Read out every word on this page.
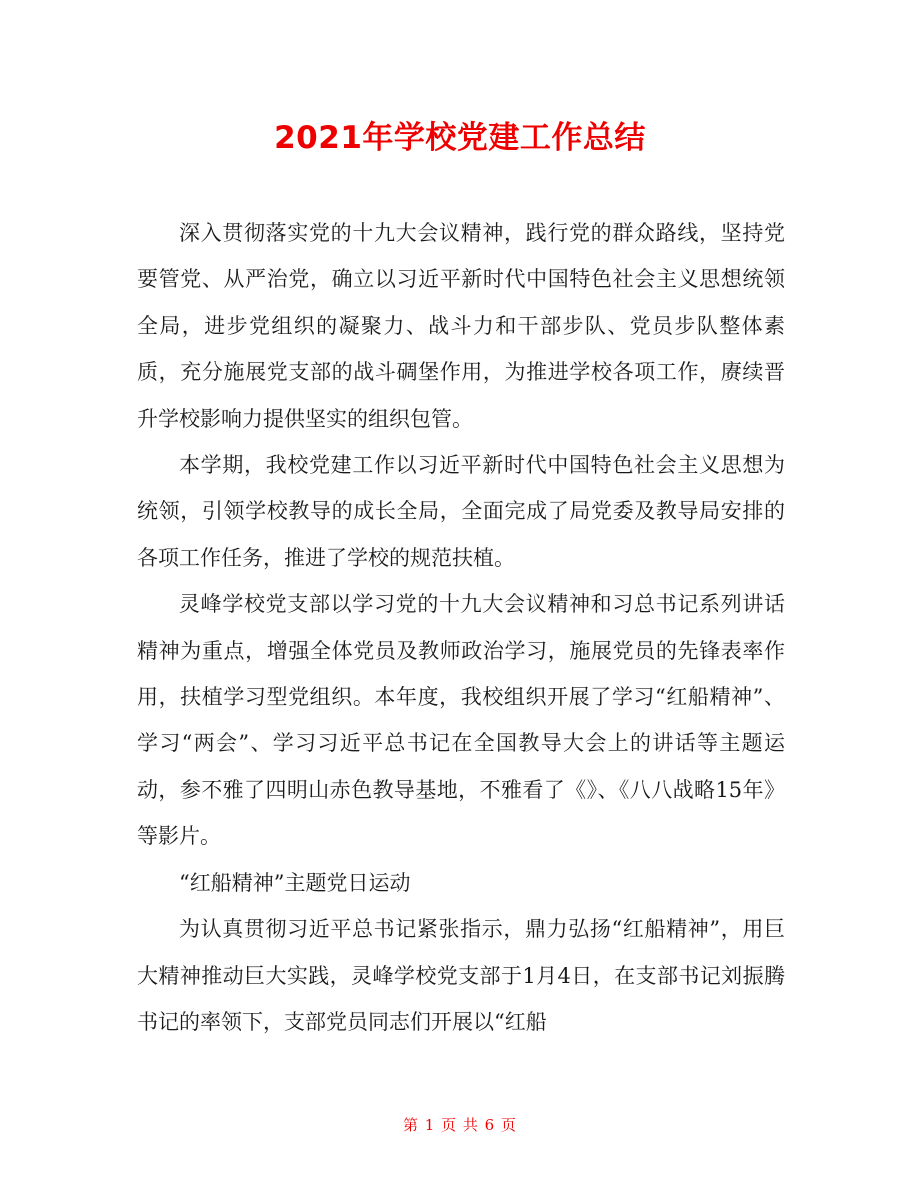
2021年学校党建工作总结

深入贯彻落实党的十九大会议精神，践行党的群众路线，坚持党要管党、从严治党，确立以习近平新时代中国特色社会主义思想统领全局，进步党组织的凝聚力、战斗力和干部步队、党员步队整体素质，充分施展党支部的战斗碉堡作用，为推进学校各项工作，赓续晋升学校影响力提供坚实的组织包管。

本学期，我校党建工作以习近平新时代中国特色社会主义思想为统领，引领学校教导的成长全局，全面完成了局党委及教导局安排的各项工作任务，推进了学校的规范扶植。

灵峰学校党支部以学习党的十九大会议精神和习总书记系列讲话精神为重点，增强全体党员及教师政治学习，施展党员的先锋表率作用，扶植学习型党组织。本年度，我校组织开展了学习“红船精神”、学习“两会”、学习习近平总书记在全国教导大会上的讲话等主题运动，参不雅了四明山赤色教导基地，不雅看了《》、《八八战略15年》等影片。

“红船精神”主题党日运动

为认真贯彻习近平总书记紧张指示，鼎力弘扬“红船精神”，用巨大精神推动巨大实践，灵峰学校党支部于1月4日，在支部书记刘振腾书记的率领下，支部党员同志们开展以“红船

第 1 页 共 6 页
